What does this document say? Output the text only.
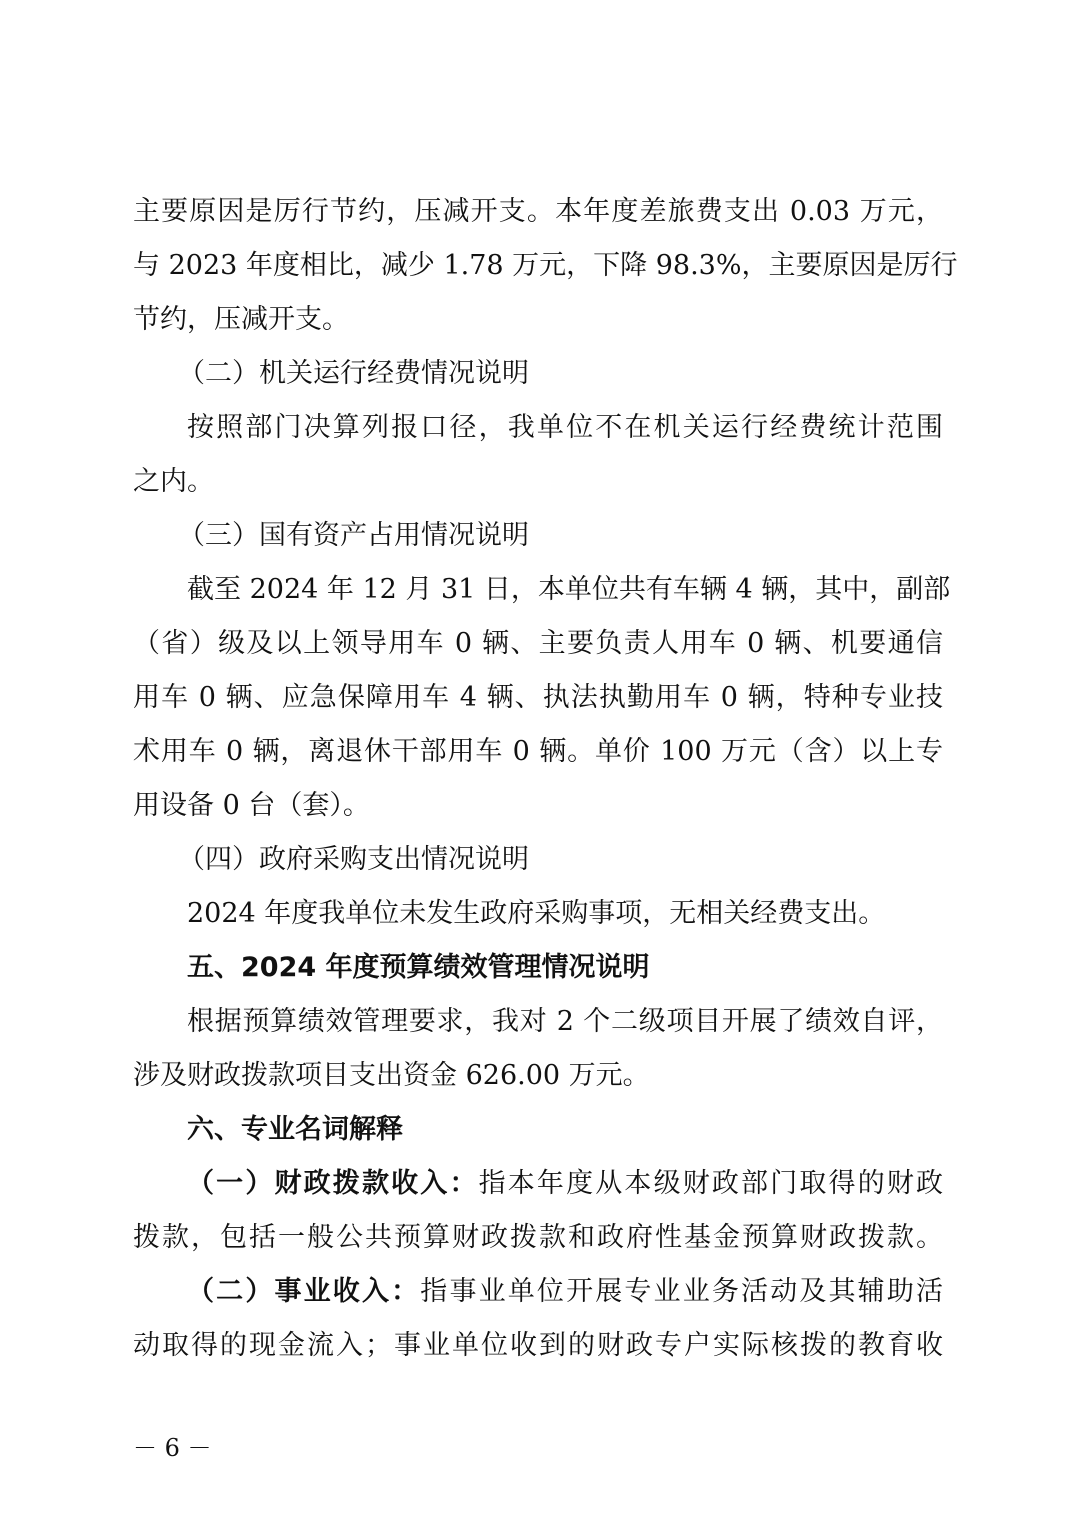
主要原因是厉行节约，压减开支。本年度差旅费支出 0.03 万元，
与 2023 年度相比，减少 1.78 万元，下降 98.3%，主要原因是厉行
节约，压减开支。
（二）机关运行经费情况说明
按照部门决算列报口径，我单位不在机关运行经费统计范围
之内。
（三）国有资产占用情况说明
截至 2024 年 12 月 31 日，本单位共有车辆 4 辆，其中，副部
（省）级及以上领导用车 0 辆、主要负责人用车 0 辆、机要通信
用车 0 辆、应急保障用车 4 辆、执法执勤用车 0 辆，特种专业技
术用车 0 辆，离退休干部用车 0 辆。单价 100 万元（含）以上专
用设备 0 台（套）。
（四）政府采购支出情况说明
2024 年度我单位未发生政府采购事项，无相关经费支出。
五、2024 年度预算绩效管理情况说明
根据预算绩效管理要求，我对 2 个二级项目开展了绩效自评，
涉及财政拨款项目支出资金 626.00 万元。
六、专业名词解释
（一）财政拨款收入：指本年度从本级财政部门取得的财政
拨款，包括一般公共预算财政拨款和政府性基金预算财政拨款。
（二）事业收入：指事业单位开展专业业务活动及其辅助活
动取得的现金流入；事业单位收到的财政专户实际核拨的教育收
－ 6 －
